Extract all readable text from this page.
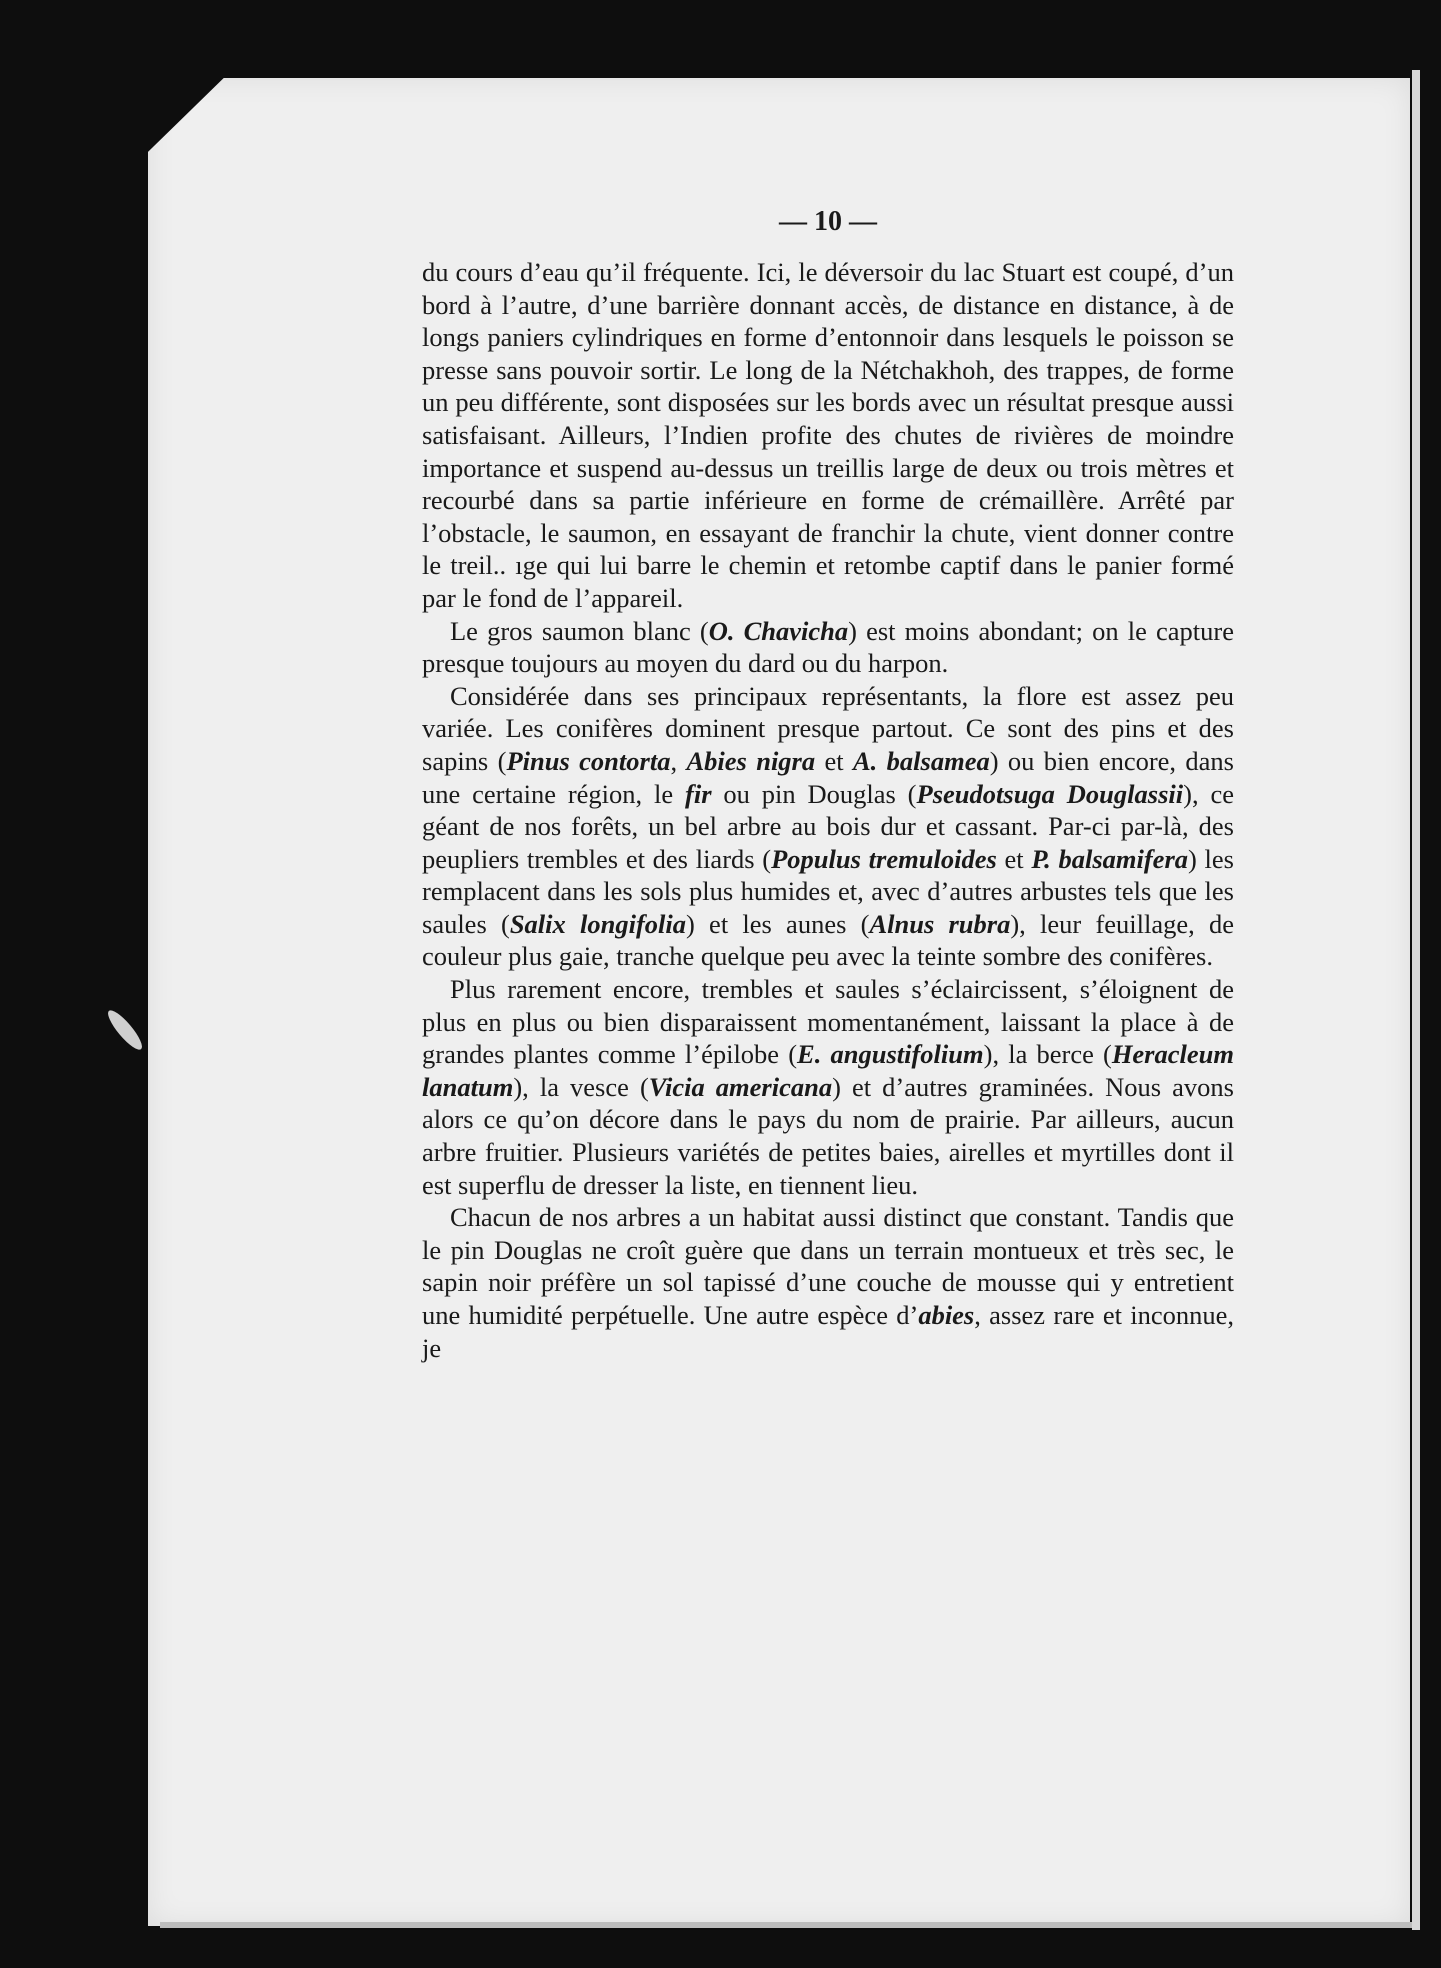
— 10 —

du cours d’eau qu’il fréquente. Ici, le déversoir du lac Stuart est coupé, d’un bord à l’autre, d’une barrière donnant accès, de distance en distance, à de longs paniers cylindriques en forme d’entonnoir dans lesquels le poisson se presse sans pouvoir sortir. Le long de la Nétchakhoh, des trappes, de forme un peu différente, sont disposées sur les bords avec un résultat presque aussi satisfaisant. Ailleurs, l’Indien profite des chutes de rivières de moindre importance et suspend au-dessus un treillis large de deux ou trois mètres et recourbé dans sa partie inférieure en forme de crémaillère. Arrêté par l’obstacle, le saumon, en essayant de franchir la chute, vient donner contre le treil.. ıge qui lui barre le chemin et retombe captif dans le panier formé par le fond de l’appareil.

Le gros saumon blanc (O. Chavicha) est moins abondant; on le capture presque toujours au moyen du dard ou du harpon.

Considérée dans ses principaux représentants, la flore est assez peu variée. Les conifères dominent presque partout. Ce sont des pins et des sapins (Pinus contorta, Abies nigra et A. balsamea) ou bien encore, dans une certaine région, le fir ou pin Douglas (Pseudotsuga Douglassii), ce géant de nos forêts, un bel arbre au bois dur et cassant. Par-ci par-là, des peupliers trembles et des liards (Populus tremuloides et P. balsamifera) les remplacent dans les sols plus humides et, avec d’autres arbustes tels que les saules (Salix longifolia) et les aunes (Alnus rubra), leur feuillage, de couleur plus gaie, tranche quelque peu avec la teinte sombre des conifères.

Plus rarement encore, trembles et saules s’éclaircissent, s’éloignent de plus en plus ou bien disparaissent momentanément, laissant la place à de grandes plantes comme l’épilobe (E. angustifolium), la berce (Heracleum lanatum), la vesce (Vicia americana) et d’autres graminées. Nous avons alors ce qu’on décore dans le pays du nom de prairie. Par ailleurs, aucun arbre fruitier. Plusieurs variétés de petites baies, airelles et myrtilles dont il est superflu de dresser la liste, en tiennent lieu.

Chacun de nos arbres a un habitat aussi distinct que constant. Tandis que le pin Douglas ne croît guère que dans un terrain montueux et très sec, le sapin noir préfère un sol tapissé d’une couche de mousse qui y entretient une humidité perpétuelle. Une autre espèce d’abies, assez rare et inconnue, je
